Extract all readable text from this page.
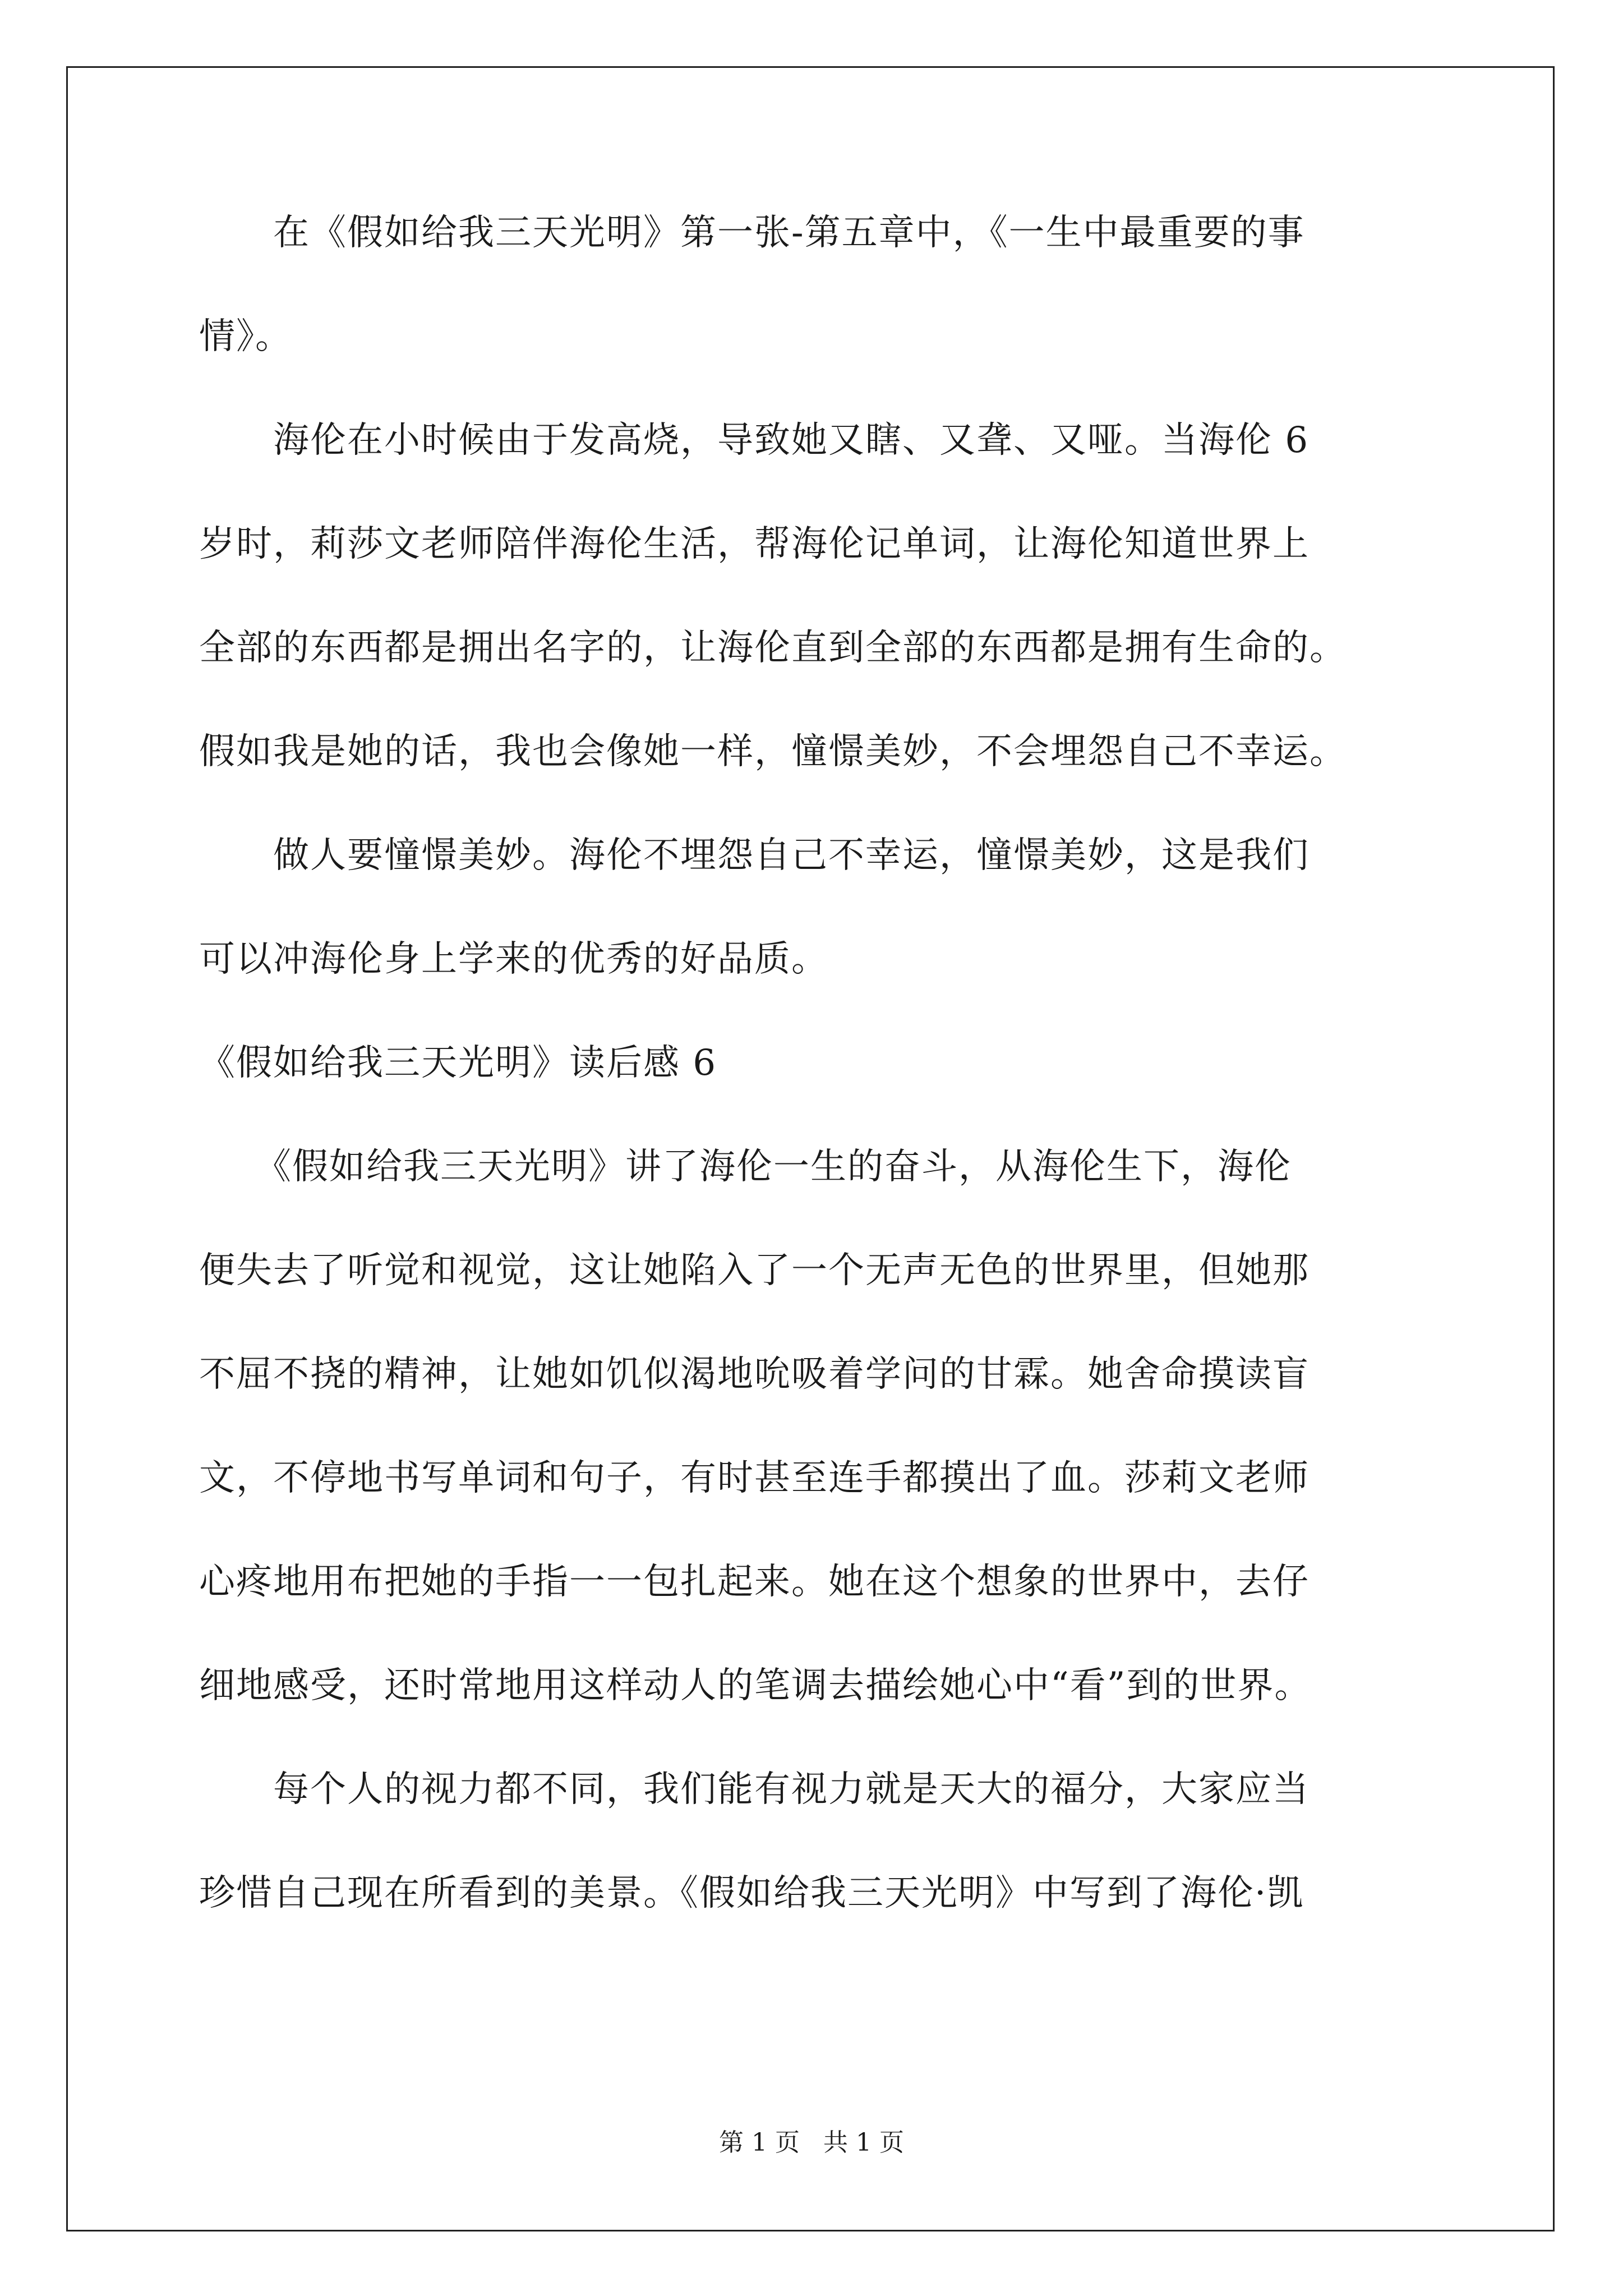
　　在《假如给我三天光明》第一张-第五章中，《一生中最重要的事
情》。
　　海伦在小时候由于发高烧，导致她又瞎、又聋、又哑。当海伦 6
岁时，莉莎文老师陪伴海伦生活，帮海伦记单词，让海伦知道世界上
全部的东西都是拥出名字的，让海伦直到全部的东西都是拥有生命的。
假如我是她的话，我也会像她一样，憧憬美妙，不会埋怨自己不幸运。
　　做人要憧憬美妙。海伦不埋怨自己不幸运，憧憬美妙，这是我们
可以冲海伦身上学来的优秀的好品质。
《假如给我三天光明》读后感 6
　　《假如给我三天光明》讲了海伦一生的奋斗，从海伦生下，海伦
便失去了听觉和视觉，这让她陷入了一个无声无色的世界里，但她那
不屈不挠的精神，让她如饥似渴地吮吸着学问的甘霖。她舍命摸读盲
文，不停地书写单词和句子，有时甚至连手都摸出了血。莎莉文老师
心疼地用布把她的手指一一包扎起来。她在这个想象的世界中，去仔
细地感受，还时常地用这样动人的笔调去描绘她心中“看”到的世界。
　　每个人的视力都不同，我们能有视力就是天大的福分，大家应当
珍惜自己现在所看到的美景。《假如给我三天光明》中写到了海伦·凯
第 1 页 共 1 页
